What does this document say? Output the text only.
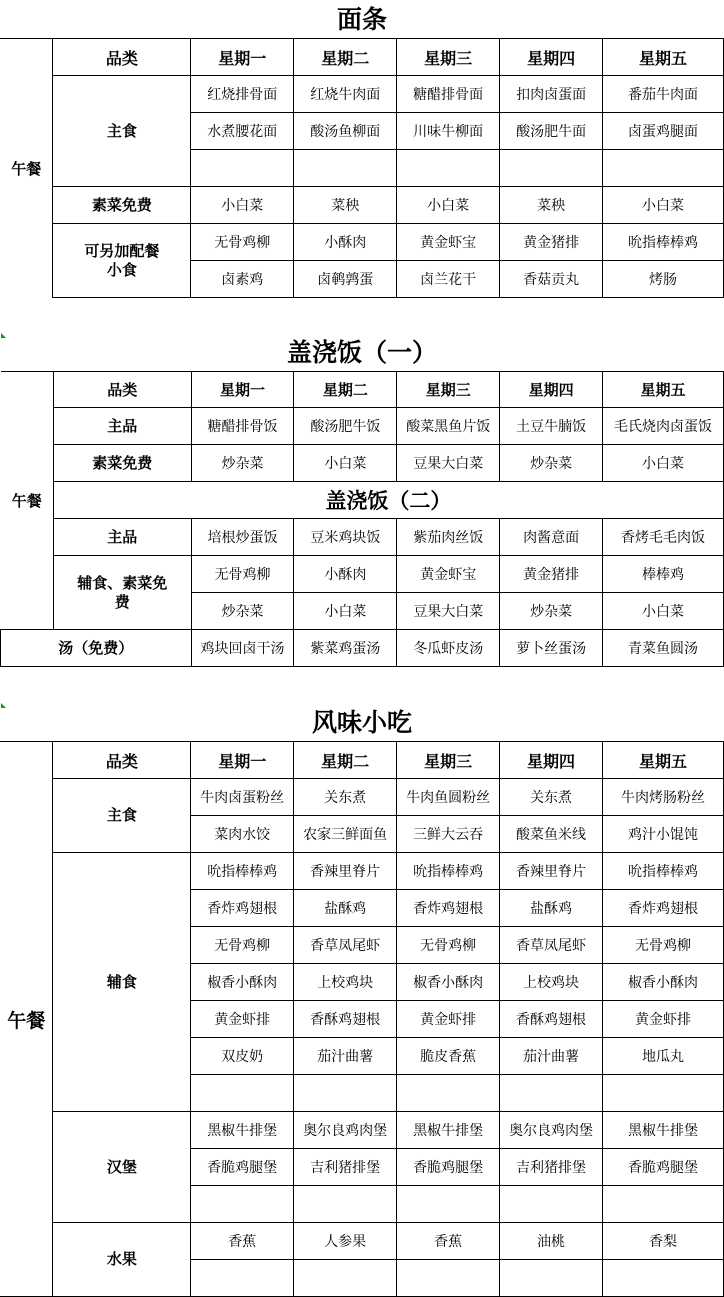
面条
午餐	品类	星期一	星期二	星期三	星期四	星期五
	主食	红烧排骨面	红烧牛肉面	糖醋排骨面	扣肉卤蛋面	番茄牛肉面
		水煮腰花面	酸汤鱼柳面	川味牛柳面	酸汤肥牛面	卤蛋鸡腿面

	素菜免费	小白菜	菜秧	小白菜	菜秧	小白菜
	可另加配餐小食	无骨鸡柳	小酥肉	黄金虾宝	黄金猪排	吮指棒棒鸡
		卤素鸡	卤鹌鹑蛋	卤兰花干	香菇贡丸	烤肠
盖浇饭（一）
午餐	品类	星期一	星期二	星期三	星期四	星期五
	主品	糖醋排骨饭	酸汤肥牛饭	酸菜黑鱼片饭	土豆牛腩饭	毛氏烧肉卤蛋饭
	素菜免费	炒杂菜	小白菜	豆果大白菜	炒杂菜	小白菜
	盖浇饭（二）					
	主品	培根炒蛋饭	豆米鸡块饭	紫茄肉丝饭	肉酱意面	香烤毛毛肉饭
	辅食、素菜免费	无骨鸡柳	小酥肉	黄金虾宝	黄金猪排	棒棒鸡
		炒杂菜	小白菜	豆果大白菜	炒杂菜	小白菜
汤（免费）		鸡块回卤干汤	紫菜鸡蛋汤	冬瓜虾皮汤	萝卜丝蛋汤	青菜鱼圆汤
风味小吃
午餐	品类	星期一	星期二	星期三	星期四	星期五
	主食	牛肉卤蛋粉丝	关东煮	牛肉鱼圆粉丝	关东煮	牛肉烤肠粉丝
		菜肉水饺	农家三鲜面鱼	三鲜大云吞	酸菜鱼米线	鸡汁小馄饨
	辅食	吮指棒棒鸡	香辣里脊片	吮指棒棒鸡	香辣里脊片	吮指棒棒鸡
		香炸鸡翅根	盐酥鸡	香炸鸡翅根	盐酥鸡	香炸鸡翅根
		无骨鸡柳	香草凤尾虾	无骨鸡柳	香草凤尾虾	无骨鸡柳
		椒香小酥肉	上校鸡块	椒香小酥肉	上校鸡块	椒香小酥肉
		黄金虾排	香酥鸡翅根	黄金虾排	香酥鸡翅根	黄金虾排
		双皮奶	茄汁曲薯	脆皮香蕉	茄汁曲薯	地瓜丸

	汉堡	黑椒牛排堡	奥尔良鸡肉堡	黑椒牛排堡	奥尔良鸡肉堡	黑椒牛排堡
		香脆鸡腿堡	吉利猪排堡	香脆鸡腿堡	吉利猪排堡	香脆鸡腿堡

	水果	香蕉	人参果	香蕉	油桃	香梨
